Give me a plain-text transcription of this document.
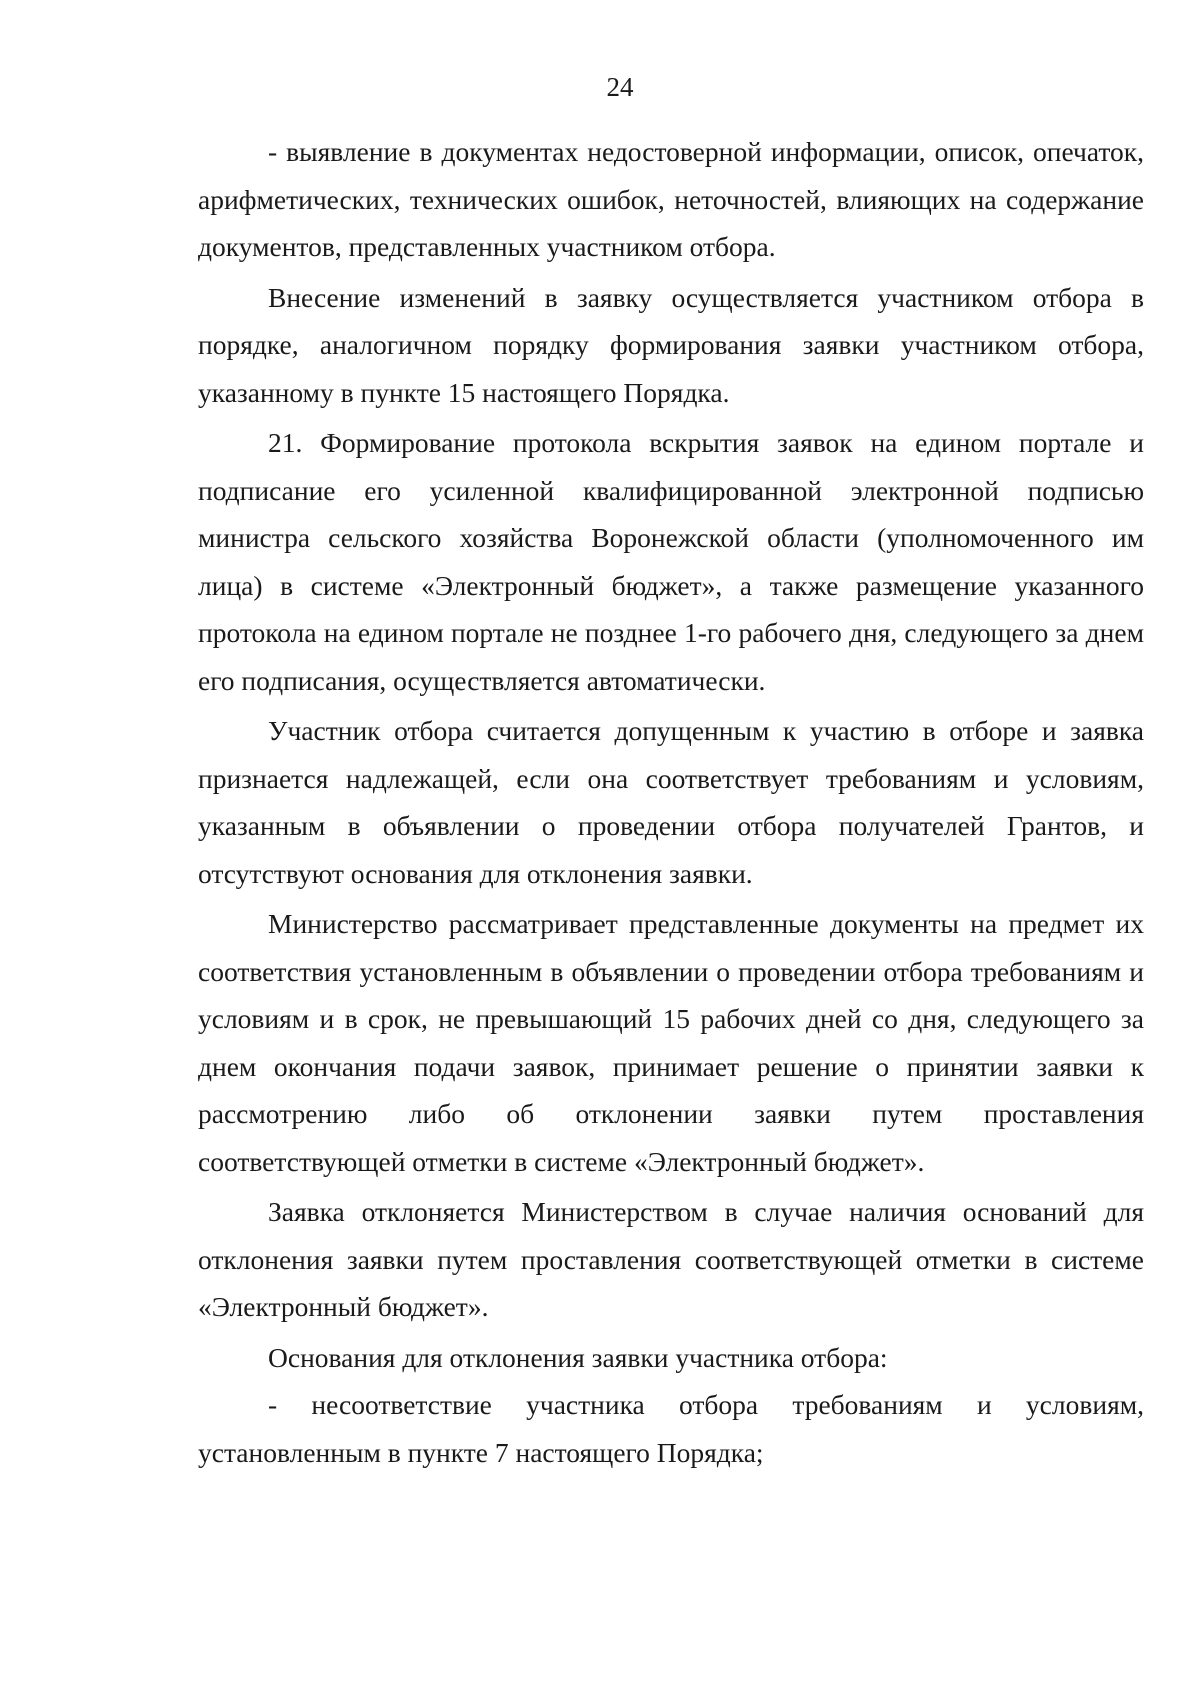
24

- выявление в документах недостоверной информации, описок, опечаток, арифметических, технических ошибок, неточностей, влияющих на содержание документов, представленных участником отбора.

Внесение изменений в заявку осуществляется участником отбора в порядке, аналогичном порядку формирования заявки участником отбора, указанному в пункте 15 настоящего Порядка.

21. Формирование протокола вскрытия заявок на едином портале и подписание его усиленной квалифицированной электронной подписью министра сельского хозяйства Воронежской области (уполномоченного им лица) в системе «Электронный бюджет», а также размещение указанного протокола на едином портале не позднее 1-го рабочего дня, следующего за днем его подписания, осуществляется автоматически.

Участник отбора считается допущенным к участию в отборе и заявка признается надлежащей, если она соответствует требованиям и условиям, указанным в объявлении о проведении отбора получателей Грантов, и отсутствуют основания для отклонения заявки.

Министерство рассматривает представленные документы на предмет их соответствия установленным в объявлении о проведении отбора требованиям и условиям и в срок, не превышающий 15 рабочих дней со дня, следующего за днем окончания подачи заявок, принимает решение о принятии заявки к рассмотрению либо об отклонении заявки путем проставления соответствующей отметки в системе «Электронный бюджет».

Заявка отклоняется Министерством в случае наличия оснований для отклонения заявки путем проставления соответствующей отметки в системе «Электронный бюджет».

Основания для отклонения заявки участника отбора:

- несоответствие участника отбора требованиям и условиям, установленным в пункте 7 настоящего Порядка;
